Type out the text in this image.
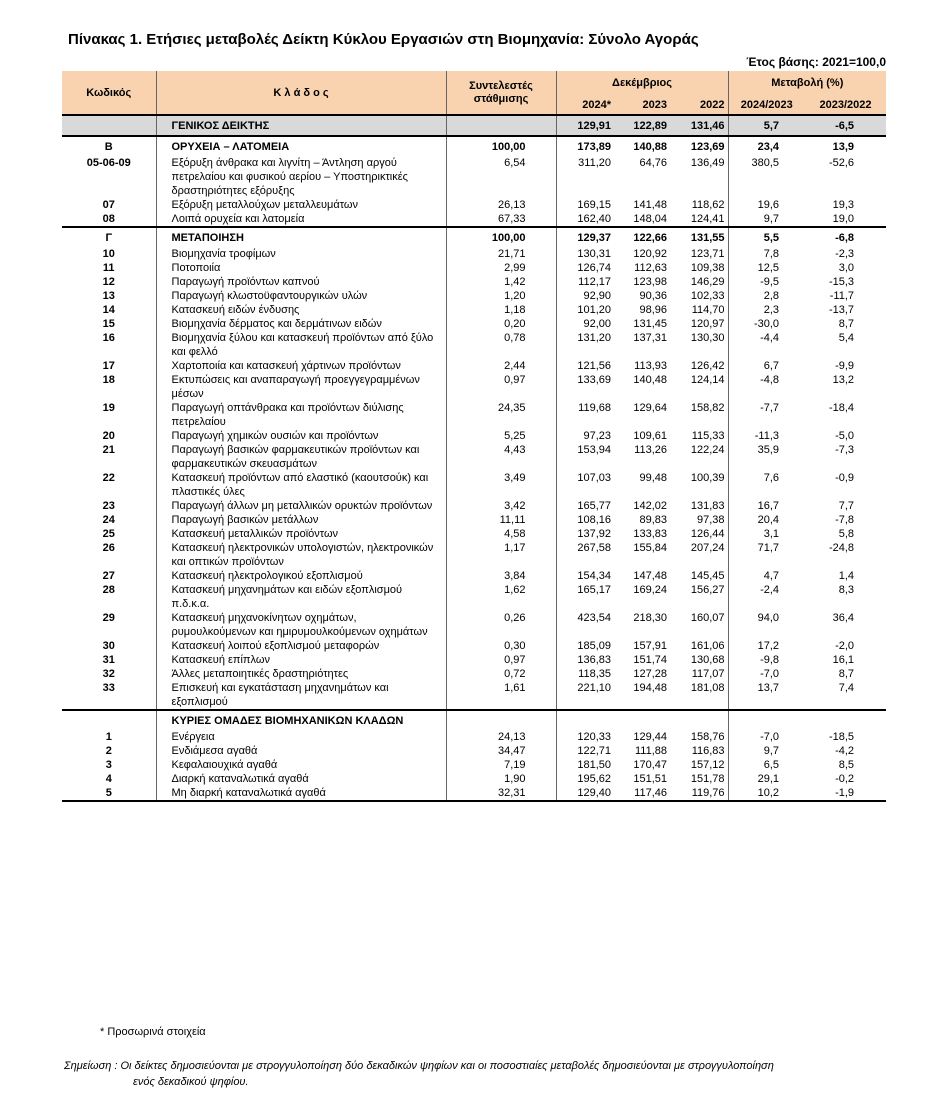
Πίνακας 1. Ετήσιες μεταβολές Δείκτη Κύκλου Εργασιών στη Βιομηχανία: Σύνολο Αγοράς
Έτος βάσης: 2021=100,0
Κωδικός	Κ λ ά δ ο ς	Συντελεστές στάθμισης	Δεκέμβριος			Μεταβολή (%)	
			2024*	2023	2022	2024/2023	2023/2022
	ΓΕΝΙΚΟΣ ΔΕΙΚΤΗΣ		129,91	122,89	131,46	5,7	-6,5
B	ΟΡΥΧΕΙΑ – ΛΑΤΟΜΕΙΑ	100,00	173,89	140,88	123,69	23,4	13,9
05-06-09	Εξόρυξη άνθρακα και λιγνίτη – Άντληση αργού πετρελαίου και φυσικού αερίου – Υποστηρικτικές δραστηριότητες εξόρυξης	6,54	311,20	64,76	136,49	380,5	-52,6
07	Εξόρυξη μεταλλούχων μεταλλευμάτων	26,13	169,15	141,48	118,62	19,6	19,3
08	Λοιπά ορυχεία και λατομεία	67,33	162,40	148,04	124,41	9,7	19,0
Γ	ΜΕΤΑΠΟΙΗΣΗ	100,00	129,37	122,66	131,55	5,5	-6,8
10	Βιομηχανία τροφίμων	21,71	130,31	120,92	123,71	7,8	-2,3
11	Ποτοποιία	2,99	126,74	112,63	109,38	12,5	3,0
12	Παραγωγή προϊόντων καπνού	1,42	112,17	123,98	146,29	-9,5	-15,3
13	Παραγωγή κλωστοϋφαντουργικών υλών	1,20	92,90	90,36	102,33	2,8	-11,7
14	Κατασκευή ειδών ένδυσης	1,18	101,20	98,96	114,70	2,3	-13,7
15	Βιομηχανία δέρματος και δερμάτινων ειδών	0,20	92,00	131,45	120,97	-30,0	8,7
16	Βιομηχανία ξύλου και κατασκευή προϊόντων από ξύλο και φελλό	0,78	131,20	137,31	130,30	-4,4	5,4
17	Χαρτοποιία και κατασκευή χάρτινων προϊόντων	2,44	121,56	113,93	126,42	6,7	-9,9
18	Εκτυπώσεις και αναπαραγωγή προεγγεγραμμένων μέσων	0,97	133,69	140,48	124,14	-4,8	13,2
19	Παραγωγή οπτάνθρακα και προϊόντων διύλισης πετρελαίου	24,35	119,68	129,64	158,82	-7,7	-18,4
20	Παραγωγή χημικών ουσιών και προϊόντων	5,25	97,23	109,61	115,33	-11,3	-5,0
21	Παραγωγή βασικών φαρμακευτικών προϊόντων και φαρμακευτικών σκευασμάτων	4,43	153,94	113,26	122,24	35,9	-7,3
22	Κατασκευή προϊόντων από ελαστικό (καουτσούκ) και πλαστικές ύλες	3,49	107,03	99,48	100,39	7,6	-0,9
23	Παραγωγή άλλων μη μεταλλικών ορυκτών προϊόντων	3,42	165,77	142,02	131,83	16,7	7,7
24	Παραγωγή βασικών μετάλλων	11,11	108,16	89,83	97,38	20,4	-7,8
25	Κατασκευή μεταλλικών προϊόντων	4,58	137,92	133,83	126,44	3,1	5,8
26	Κατασκευή ηλεκτρονικών υπολογιστών, ηλεκτρονικών και οπτικών προϊόντων	1,17	267,58	155,84	207,24	71,7	-24,8
27	Κατασκευή ηλεκτρολογικού εξοπλισμού	3,84	154,34	147,48	145,45	4,7	1,4
28	Κατασκευή μηχανημάτων και ειδών εξοπλισμού π.δ.κ.α.	1,62	165,17	169,24	156,27	-2,4	8,3
29	Κατασκευή μηχανοκίνητων οχημάτων, ρυμουλκούμενων και ημιρυμουλκούμενων οχημάτων	0,26	423,54	218,30	160,07	94,0	36,4
30	Κατασκευή λοιπού εξοπλισμού μεταφορών	0,30	185,09	157,91	161,06	17,2	-2,0
31	Κατασκευή επίπλων	0,97	136,83	151,74	130,68	-9,8	16,1
32	Άλλες μεταποιητικές δραστηριότητες	0,72	118,35	127,28	117,07	-7,0	8,7
33	Επισκευή και εγκατάσταση μηχανημάτων και εξοπλισμού	1,61	221,10	194,48	181,08	13,7	7,4
	ΚΥΡΙΕΣ ΟΜΑΔΕΣ ΒΙΟΜΗΧΑΝΙΚΩΝ ΚΛΑΔΩΝ						
1	Ενέργεια	24,13	120,33	129,44	158,76	-7,0	-18,5
2	Ενδιάμεσα αγαθά	34,47	122,71	111,88	116,83	9,7	-4,2
3	Κεφαλαιουχικά αγαθά	7,19	181,50	170,47	157,12	6,5	8,5
4	Διαρκή καταναλωτικά αγαθά	1,90	195,62	151,51	151,78	29,1	-0,2
5	Μη διαρκή καταναλωτικά αγαθά	32,31	129,40	117,46	119,76	10,2	-1,9
* Προσωρινά στοιχεία
Σημείωση : Οι δείκτες δημοσιεύονται με στρογγυλοποίηση δύο δεκαδικών ψηφίων και οι ποσοστιαίες μεταβολές δημοσιεύονται με στρογγυλοποίηση
ενός δεκαδικού ψηφίου.
